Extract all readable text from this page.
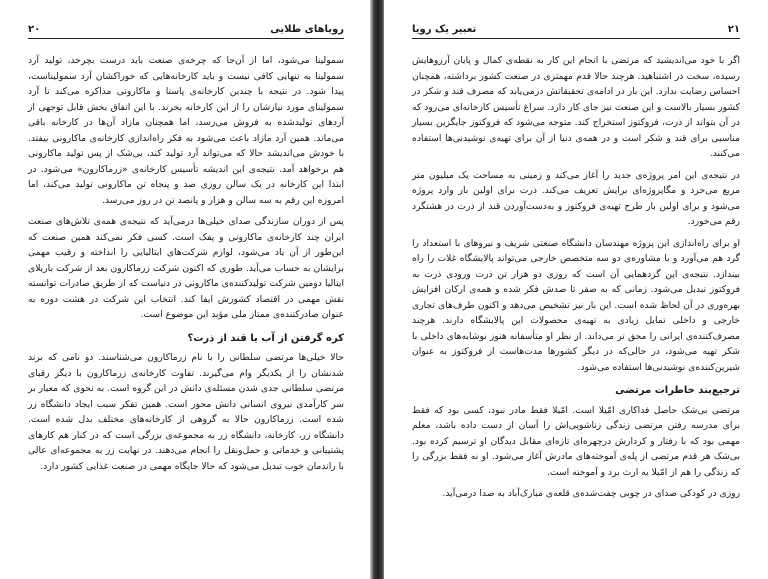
۲۰	رویاهای طلایی

سمولینا می‌شود، اما از آن‌جا که چرخه‌ی صنعت باید درست بچرخد، تولید آرد سمولینا به تنهایی کافی نیست و باید کارخانه‌هایی که خوراکشان آرد سمولیناست، پیدا شود. در نتیجه با چندین کارخانه‌ی پاستا و ماکارونی مذاکره می‌کند تا آرد سمولینای مورد نیازشان را از این کارخانه بخرند. با این اتفاق بخش قابل توجهی از آردهای تولیدشده به فروش می‌رسد، اما همچنان مازاد آن‌ها در کارخانه باقی می‌ماند. همین آرد مازاد باعث می‌شود به فکر راه‌اندازی کارخانه‌ی ماکارونی بیفتد. با خودش می‌اندیشد حالا که می‌تواند آرد تولید کند، بی‌شک از پس تولید ماکارونی هم برخواهد آمد. نتیجه‌ی این اندیشه تأسیس کارخانه‌ی «زرماکارون» می‌شود. در ابتدا این کارخانه در یک سالن روزی صد و پنجاه تن ماکارونی تولید می‌کند، اما امروزه این رقم به سه سالن و هزار و پانصد تن در روز می‌رسد.

پس از دوران سازندگی صدای خیلی‌ها درمی‌آید که نتیجه‌ی همه‌ی تلاش‌های صنعت ایران چند کارخانه‌ی ماکارونی و پفک است. کسی فکر نمی‌کند همین صنعت که این‌طور از آن یاد می‌شود، لوازم شرکت‌های ایتالیایی را انداخته و رقیب مهمی برایشان به حساب می‌آید. طوری که اکنون شرکت زرماکارون بعد از شرکت باریلای ایتالیا دومین شرکت تولیدکننده‌ی ماکارونی در دنیاست که از طریق صادرات توانسته نقش مهمی در اقتصاد کشورش ایفا کند. انتخاب این شرکت در هشت دوره به عنوان صادرکننده‌ی ممتاز ملی مؤید این موضوع است.

کره گرفتن از آب یا قند از ذرت؟

حالا خیلی‌ها مرتضی سلطانی را با نام زرماکارون می‌شناسند. دو نامی که برند شدنشان را از یکدیگر وام می‌گیرند. تفاوت کارخانه‌ی زرماکارون با دیگر رقبای مرتضی سلطانی جدی شدن مسئله‌ی دانش در این گروه است. به نحوی که معیار بر سر کارآمدی نیروی انسانی دانش محور است. همین تفکر سبب ایجاد دانشگاه زر شده است. زرماکارون حالا به گروهی از کارخانه‌های مختلف بدل شده است. دانشگاه زر، کارخانه، دانشگاه زر به مجموعه‌ی بزرگی است که در کنار هم کارهای پشتیبانی و خدماتی و حمل‌ونقل را انجام می‌دهند. در نهایت زر به مجموعه‌ای عالی با راندمان خوب تبدیل می‌شود که حالا جایگاه مهمی در صنعت غذایی کشور دارد.

۲۱
تعبیر یک رویا

اگر با خود می‌اندیشید که مرتضی با انجام این کار به نقطه‌ی کمال و پایان آرزوهایش رسیده، سخت در اشتباهید. هرچند حالا قدم مهمتری در صنعت کشور برداشته، همچنان احساس رضایت ندارد. این بار در ادامه‌ی تحقیقاتش درمی‌یابد که مصرف قند و شکر در کشور بسیار بالاست و این صنعت نیز جای کار دارد. سراغ تأسیس کارخانه‌ای می‌رود که در آن بتواند از ذرت، فروکتوز استخراج کند. متوجه می‌شود که فروکتوز جایگزین بسیار مناسبی برای قند و شکر است و در همه‌ی دنیا از آن برای تهیه‌ی نوشیدنی‌ها استفاده می‌کنند.

در نتیجه‌ی این امر پروژه‌ی جدید را آغاز می‌کند و زمینی به مساحت یک میلیون متر مربع می‌خرد و مگاپروژه‌ای برایش تعریف می‌کند. ذرت برای اولین بار وارد پروژه می‌شود و برای اولین بار طرح تهیه‌ی فروکتوز و به‌دست‌آوردن قند از ذرت در هشتگرد رقم می‌خورد.

او برای راه‌اندازی این پروژه مهندسان دانشگاه صنعتی شریف و نیروهای با استعداد را گرد هم می‌آورد و با مشاوره‌ی دو سه متخصص خارجی می‌تواند پالایشگاه غلات را راه بیندازد. نتیجه‌ی این گردهمایی آن است که روزی دو هزار تن ذرت ورودی ذرت به فروکتوز تبدیل می‌شود. زمانی که به صفر تا صدش فکر شده و همه‌ی ارکان افزایش بهره‌وری در آن لحاظ شده است. این بار نیز تشخیص می‌دهد و اکنون طرف‌های تجاری خارجی و داخلی تمایل زیادی به تهیه‌ی محصولات این پالایشگاه دارند. هرچند مصرف‌کننده‌ی ایرانی را محق تر می‌داند. از نظر او متأسفانه هنوز نوشابه‌های داخلی با شکر تهیه می‌شود، در حالی‌که در دیگر کشورها مدت‌هاست از فروکتوز به عنوان شیرین‌کننده‌ی نوشیدنی‌ها استفاده می‌شود.

ترجیع‌بند خاطرات مرتضی

مرتضی بی‌شک حاصل فداکاری امّیلا است. امّیلا فقط مادر نبود، کسی بود که فقط برای مدرسه رفتن مرتضی زندگی زناشویی‌اش را آسان از دست داده باشد، معلم مهمی بود که با رفتار و کردارش درچهره‌ای تازه‌ای مقابل دیدگان او ترسیم کرده بود. بی‌شک هر قدم مرتضی از پله‌ی آموخته‌های مادرش آغاز می‌شود. او نه فقط بزرگی را که زندگی را هم از امّیلا به ارث برد و آموخته است.

روزی در کودکی صدای در چوبی چفت‌شده‌ی قلعه‌ی مبارک‌آباد به صدا درمی‌آید.
